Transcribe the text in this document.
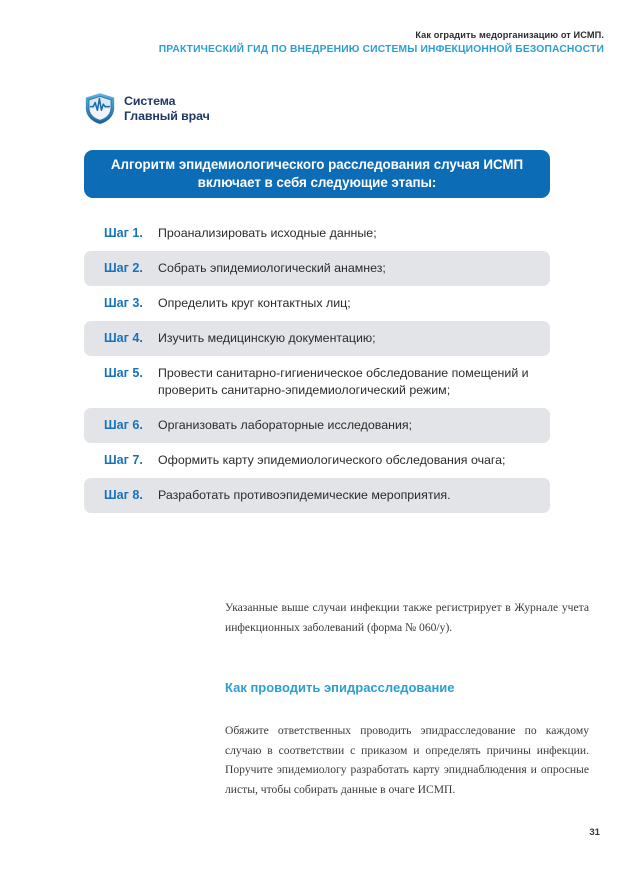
Как оградить медорганизацию от ИСМП.
ПРАКТИЧЕСКИЙ ГИД ПО ВНЕДРЕНИЮ СИСТЕМЫ ИНФЕКЦИОННОЙ БЕЗОПАСНОСТИ
Система
Главный врач
Алгоритм эпидемиологического расследования случая ИСМП включает в себя следующие этапы:
Шаг 1.	Проанализировать исходные данные;
Шаг 2.	Собрать эпидемиологический анамнез;
Шаг 3.	Определить круг контактных лиц;
Шаг 4.	Изучить медицинскую документацию;
Шаг 5.	Провести санитарно-гигиеническое обследование помещений и проверить санитарно-эпидемиологический режим;
Шаг 6.	Организовать лабораторные исследования;
Шаг 7.	Оформить карту эпидемиологического обследования очага;
Шаг 8.	Разработать противоэпидемические мероприятия.

Указанные выше случаи инфекции также регистрирует в Журнале учета инфекционных заболеваний (форма № 060/у).

Как проводить эпидрасследование

Обяжите ответственных проводить эпидрасследование по каждому случаю в соответствии с приказом и определять причины инфекции. Поручите эпидемиологу разработать карту эпиднаблюдения и опросные листы, чтобы собирать данные в очаге ИСМП.

31
